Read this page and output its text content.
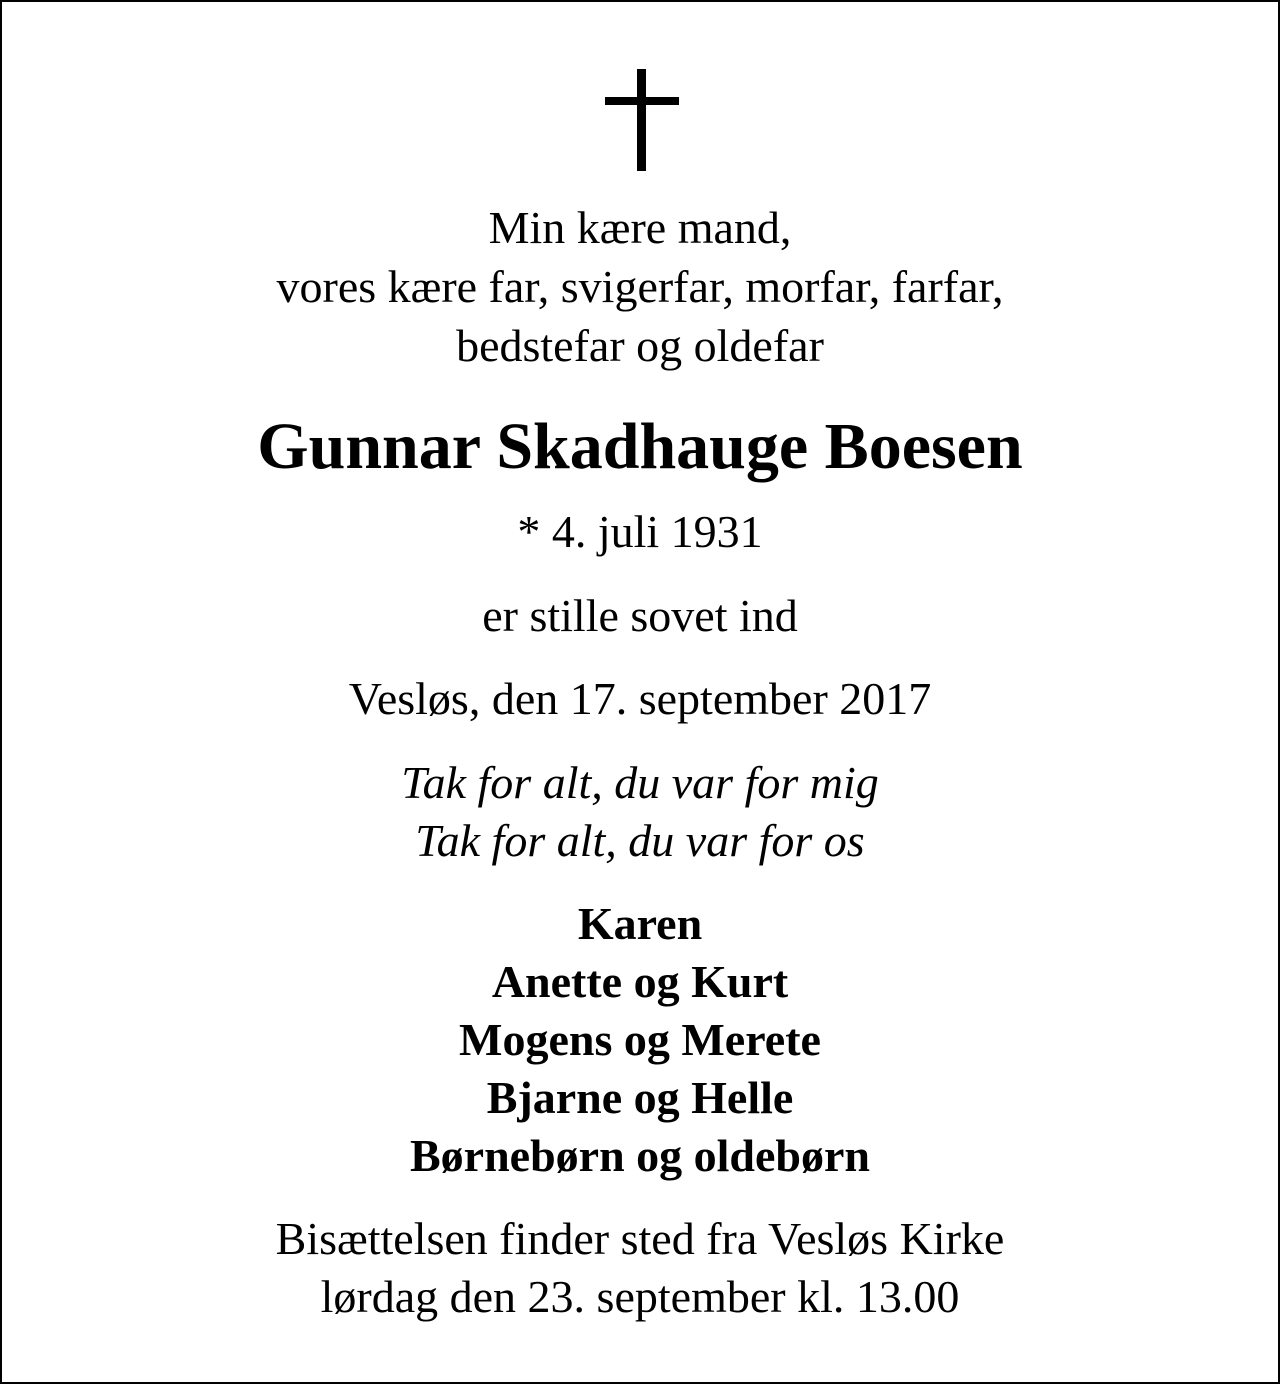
Min kære mand,
vores kære far, svigerfar, morfar, farfar,
bedstefar og oldefar
Gunnar Skadhauge Boesen
* 4. juli 1931
er stille sovet ind
Vesløs, den 17. september 2017
Tak for alt, du var for mig
Tak for alt, du var for os
Karen
Anette og Kurt
Mogens og Merete
Bjarne og Helle
Børnebørn og oldebørn
Bisættelsen finder sted fra Vesløs Kirke
lørdag den 23. september kl. 13.00
